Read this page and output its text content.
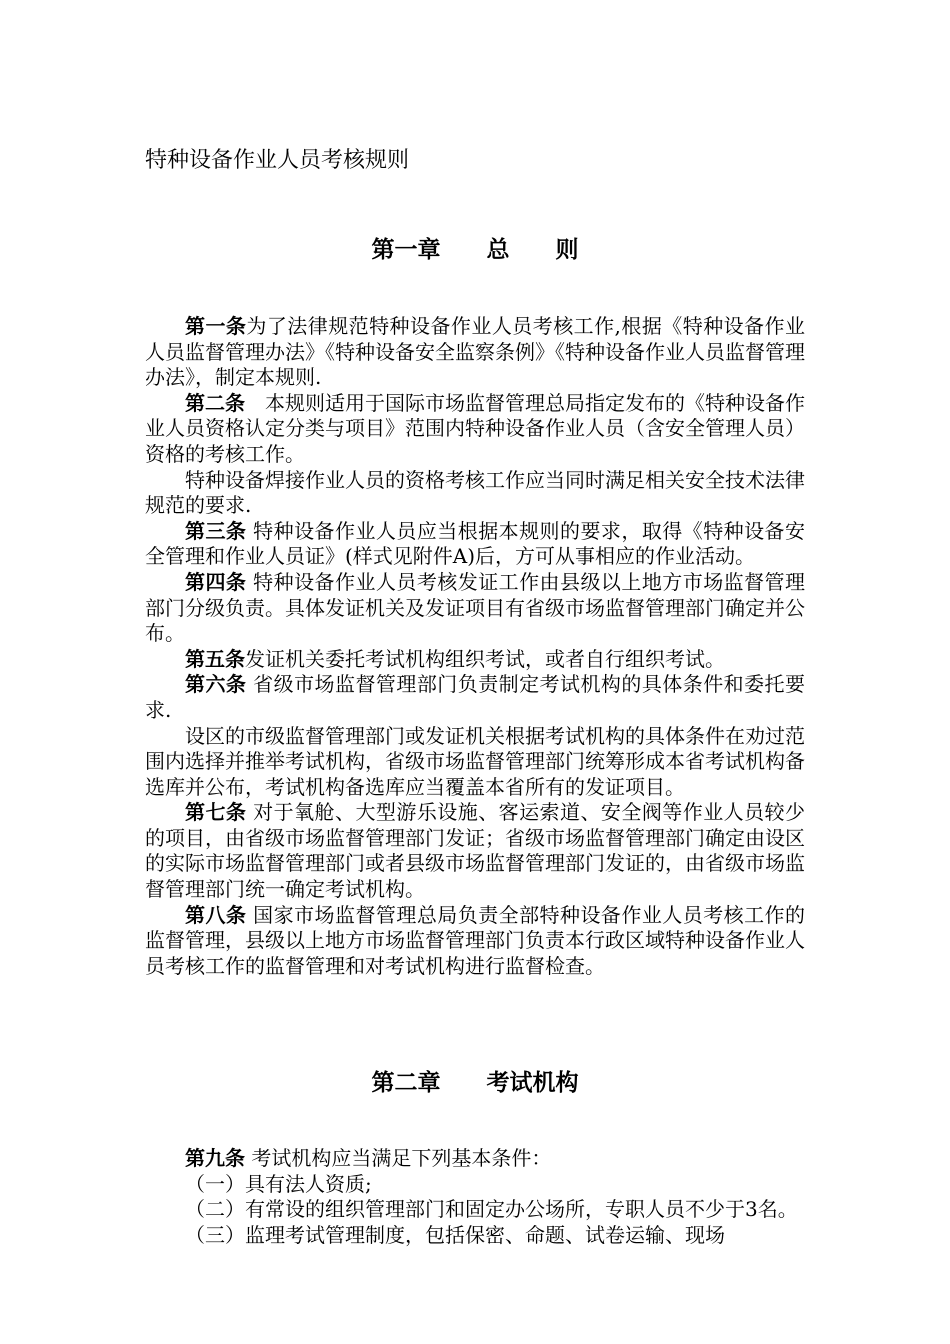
特种设备作业人员考核规则
第一章　　总　　则

第一条为了法律规范特种设备作业人员考核工作,根据《特种设备作业人员监督管理办法》《特种设备安全监察条例》《特种设备作业人员监督管理办法》，制定本规则.

第二条　本规则适用于国际市场监督管理总局指定发布的《特种设备作业人员资格认定分类与项目》范围内特种设备作业人员（含安全管理人员）资格的考核工作。

特种设备焊接作业人员的资格考核工作应当同时满足相关安全技术法律规范的要求.

第三条 特种设备作业人员应当根据本规则的要求，取得《特种设备安全管理和作业人员证》(样式见附件A)后，方可从事相应的作业活动。

第四条 特种设备作业人员考核发证工作由县级以上地方市场监督管理部门分级负责。具体发证机关及发证项目有省级市场监督管理部门确定并公布。

第五条发证机关委托考试机构组织考试，或者自行组织考试。

第六条 省级市场监督管理部门负责制定考试机构的具体条件和委托要求.

设区的市级监督管理部门或发证机关根据考试机构的具体条件在劝过范围内选择并推举考试机构，省级市场监督管理部门统筹形成本省考试机构备选库并公布，考试机构备选库应当覆盖本省所有的发证项目。

第七条 对于氧舱、大型游乐设施、客运索道、安全阀等作业人员较少的项目，由省级市场监督管理部门发证；省级市场监督管理部门确定由设区的实际市场监督管理部门或者县级市场监督管理部门发证的，由省级市场监督管理部门统一确定考试机构。

第八条 国家市场监督管理总局负责全部特种设备作业人员考核工作的监督管理，县级以上地方市场监督管理部门负责本行政区域特种设备作业人员考核工作的监督管理和对考试机构进行监督检查。

第二章　　考试机构

第九条 考试机构应当满足下列基本条件：

（一）具有法人资质;

（二）有常设的组织管理部门和固定办公场所，专职人员不少于3名。

（三）监理考试管理制度，包括保密、命题、试卷运输、现场
